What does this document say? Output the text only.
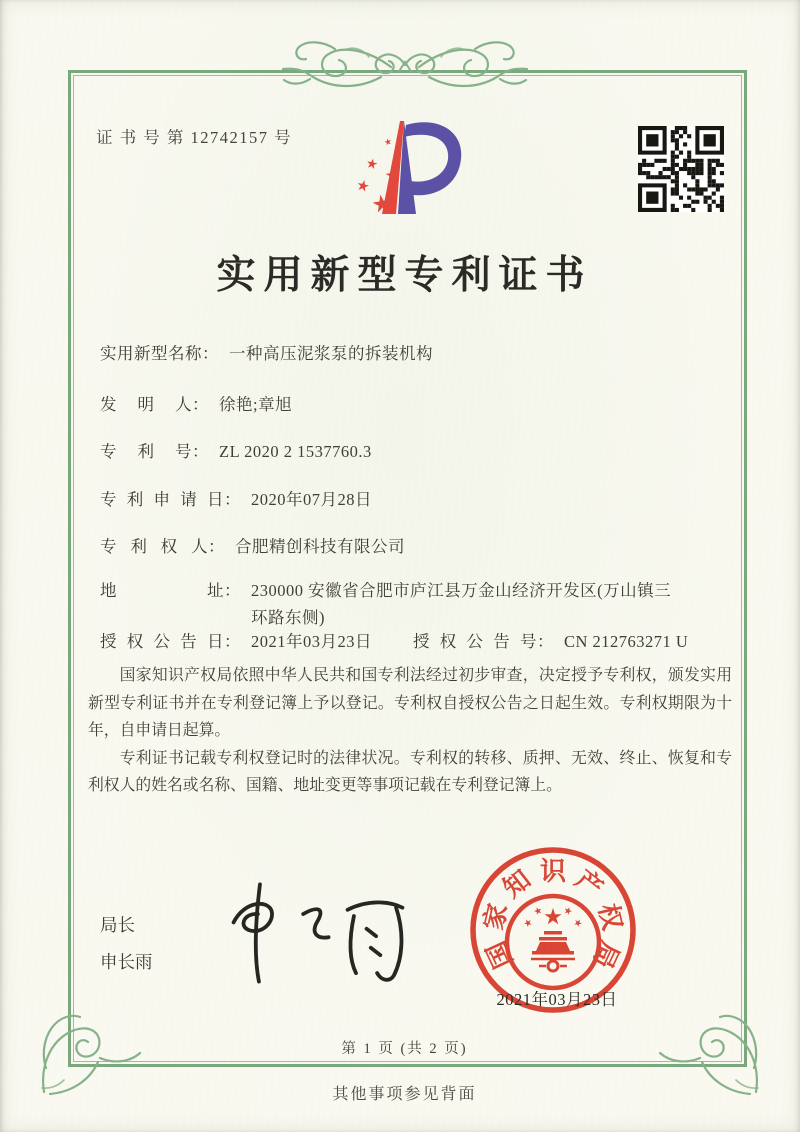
证 书 号 第 12742157 号
实用新型专利证书
实用新型名称： 一种高压泥浆泵的拆装机构
发明人： 徐艳;章旭
专利号： ZL 2020 2 1537760.3
专利申请日： 2020年07月28日
专利权人： 合肥精创科技有限公司
地址： 230000 安徽省合肥市庐江县万金山经济开发区(万山镇三
环路东侧)
授权公告日： 2021年03月23日 授权公告号： CN 212763271 U

国家知识产权局依照中华人民共和国专利法经过初步审查，决定授予专利权，颁发实用新型专利证书并在专利登记簿上予以登记。专利权自授权公告之日起生效。专利权期限为十年，自申请日起算。

专利证书记载专利权登记时的法律状况。专利权的转移、质押、无效、终止、恢复和专利权人的姓名或名称、国籍、地址变更等事项记载在专利登记簿上。

局长
申长雨	国
家
知 识 产
权
局
2021年03月23日
第 1 页 (共 2 页)
其他事项参见背面
